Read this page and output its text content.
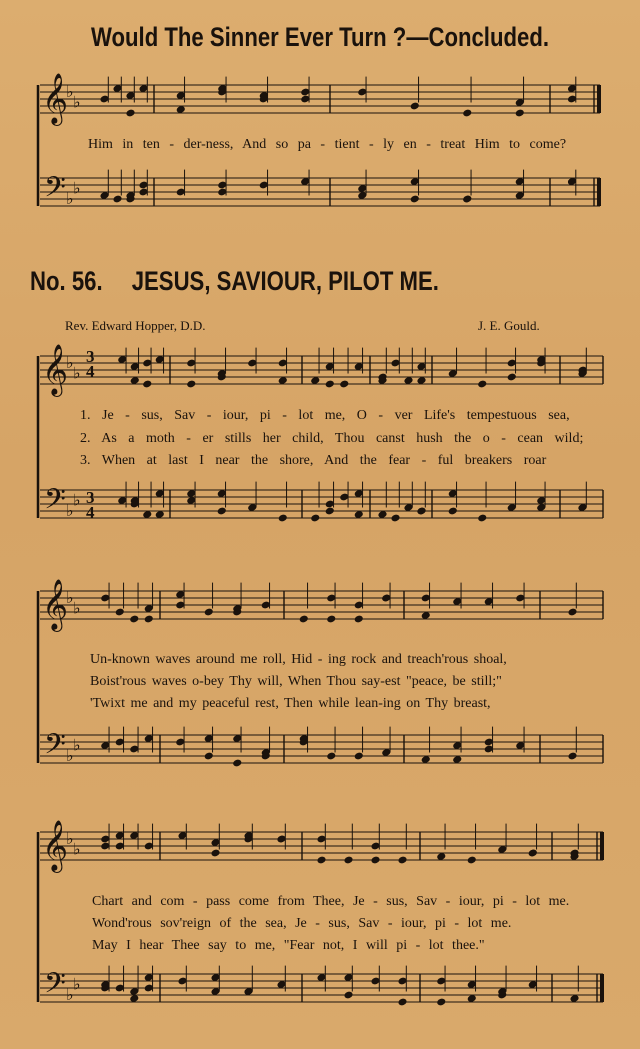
Would The Sinner Ever Turn ?—Concluded.
𝄞
𝄢
♭
♭
♭
♭
𝄞
𝄢
♭
♭
♭
♭
𝄞
𝄢
♭
♭
♭
♭
𝄞
𝄢
♭
♭
♭
♭
Him in ten - der-ness, And so pa - tient - ly en - treat Him to come?
No. 56. JESUS, SAVIOUR, PILOT ME.
Rev. Edward Hopper, D.D.	J. E. Gould.
1. Je - sus, Sav - iour, pi - lot me, O - ver Life's tempestuous sea,
2. As a moth - er stills her child, Thou canst hush the o - cean wild;
3. When at last I near the shore, And the fear - ful breakers roar
Un-known waves around me roll, Hid - ing rock and treach'rous shoal,
Boist'rous waves o-bey Thy will, When Thou say-est "peace, be still;"
'Twixt me and my peaceful rest, Then while lean-ing on Thy breast,
Chart and com - pass come from Thee, Je - sus, Sav - iour, pi - lot me.
Wond'rous sov'reign of the sea, Je - sus, Sav - iour, pi - lot me.
May I hear Thee say to me, "Fear not, I will pi - lot thee."
3
4
3
4
